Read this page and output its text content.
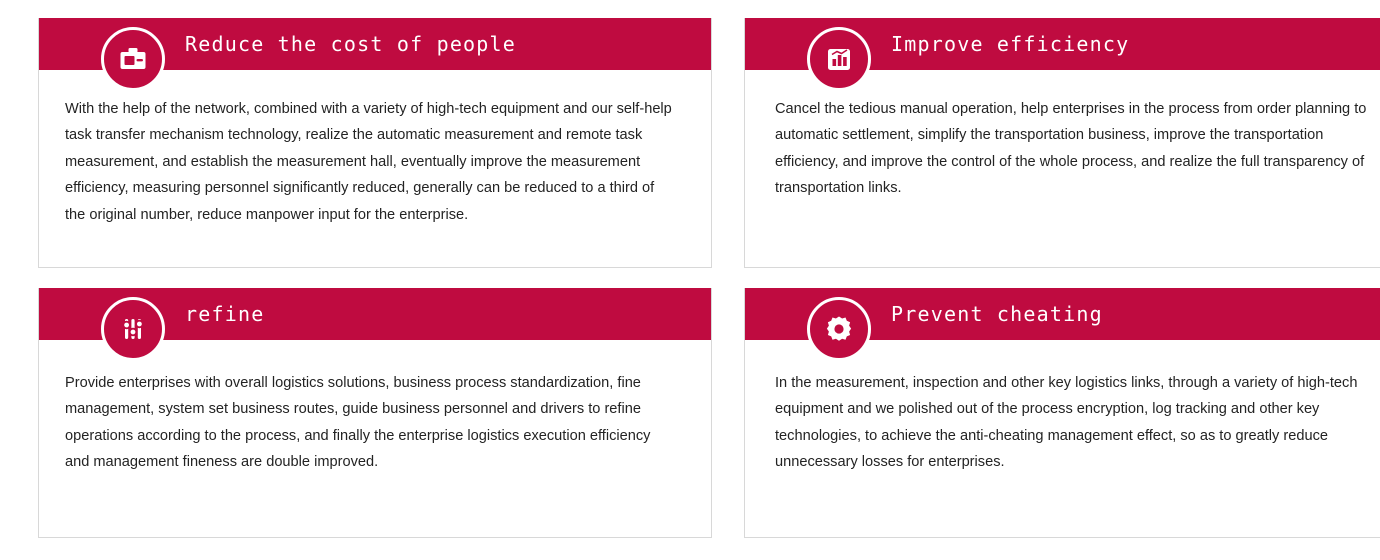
Reduce the cost of people
With the help of the network, combined with a variety of high-tech equipment and our self-help task transfer mechanism technology, realize the automatic measurement and remote task measurement, and establish the measurement hall, eventually improve the measurement efficiency, measuring personnel significantly reduced, generally can be reduced to a third of the original number, reduce manpower input for the enterprise.
Improve efficiency
Cancel the tedious manual operation, help enterprises in the process from order planning to automatic settlement, simplify the transportation business, improve the transportation efficiency, and improve the control of the whole process, and realize the full transparency of transportation links.
refine
Provide enterprises with overall logistics solutions, business process standardization, fine management, system set business routes, guide business personnel and drivers to refine operations according to the process, and finally the enterprise logistics execution efficiency and management fineness are double improved.
Prevent cheating
In the measurement, inspection and other key logistics links, through a variety of high-tech equipment and we polished out of the process encryption, log tracking and other key technologies, to achieve the anti-cheating management effect, so as to greatly reduce unnecessary losses for enterprises.
